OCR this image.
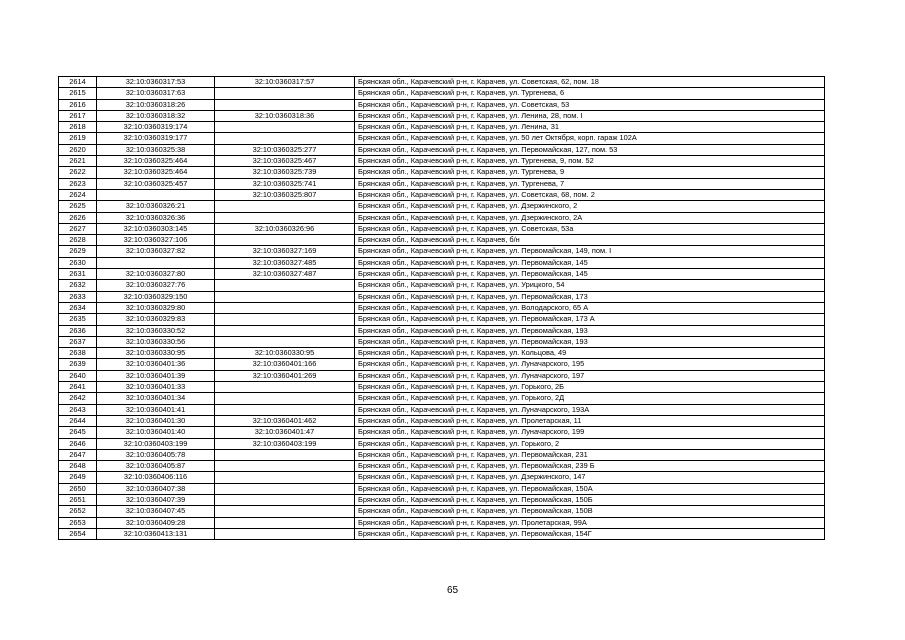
2614	32:10:0360317:53	32:10:0360317:57	Брянская обл., Карачевский р-н, г. Карачев, ул. Советская, 62, пом. 18
2615	32:10:0360317:63		Брянская обл., Карачевский р-н, г. Карачев, ул. Тургенева, 6
2616	32:10:0360318:26		Брянская обл., Карачевский р-н, г. Карачев, ул. Советская, 53
2617	32:10:0360318:32	32:10:0360318:36	Брянская обл., Карачевский р-н, г. Карачев, ул. Ленина, 28, пом. I
2618	32:10:0360319:174		Брянская обл., Карачевский р-н, г. Карачев, ул. Ленина, 31
2619	32:10:0360319:177		Брянская обл., Карачевский р-н, г. Карачев, ул. 50 лет Октября, корп. гараж 102А
2620	32:10:0360325:38	32:10:0360325:277	Брянская обл., Карачевский р-н, г. Карачев, ул. Первомайская, 127, пом. 53
2621	32:10:0360325:464	32:10:0360325:467	Брянская обл., Карачевский р-н, г. Карачев, ул. Тургенева, 9, пом. 52
2622	32:10:0360325:464	32:10:0360325:739	Брянская обл., Карачевский р-н, г. Карачев, ул. Тургенева, 9
2623	32:10:0360325:457	32:10:0360325:741	Брянская обл., Карачевский р-н, г. Карачев, ул. Тургенева, 7
2624		32:10:0360325:807	Брянская обл., Карачевский р-н, г. Карачев, ул. Советская, 68, пом. 2
2625	32:10:0360326:21		Брянская обл., Карачевский р-н, г. Карачев, ул. Дзержинского, 2
2626	32:10:0360326:36		Брянская обл., Карачевский р-н, г. Карачев, ул. Дзержинского, 2А
2627	32:10:0360303:145	32:10:0360326:96	Брянская обл., Карачевский р-н, г. Карачев, ул. Советская, 53а
2628	32:10:0360327:106		Брянская обл., Карачевский р-н, г. Карачев, б/н
2629	32:10:0360327:82	32:10:0360327:169	Брянская обл., Карачевский р-н, г. Карачев, ул. Первомайская, 149, пом. I
2630		32:10:0360327:485	Брянская обл., Карачевский р-н, г. Карачев, ул. Первомайская, 145
2631	32:10:0360327:80	32:10:0360327:487	Брянская обл., Карачевский р-н, г. Карачев, ул. Первомайская, 145
2632	32:10:0360327:76		Брянская обл., Карачевский р-н, г. Карачев, ул. Урицкого, 54
2633	32:10:0360329:150		Брянская обл., Карачевский р-н, г. Карачев, ул. Первомайская, 173
2634	32:10:0360329:80		Брянская обл., Карачевский р-н, г. Карачев, ул. Володарского, 65 А
2635	32:10:0360329:83		Брянская обл., Карачевский р-н, г. Карачев, ул. Первомайская, 173 А
2636	32:10:0360330:52		Брянская обл., Карачевский р-н, г. Карачев, ул. Первомайская, 193
2637	32:10:0360330:56		Брянская обл., Карачевский р-н, г. Карачев, ул. Первомайская, 193
2638	32:10:0360330:95	32:10:0360330:95	Брянская обл., Карачевский р-н, г. Карачев, ул. Кольцова, 49
2639	32:10:0360401:36	32:10:0360401:166	Брянская обл., Карачевский р-н, г. Карачев, ул. Луначарского, 195
2640	32:10:0360401:39	32:10:0360401:269	Брянская обл., Карачевский р-н, г. Карачев, ул. Луначарского, 197
2641	32:10:0360401:33		Брянская обл., Карачевский р-н, г. Карачев, ул. Горького, 2Б
2642	32:10:0360401:34		Брянская обл., Карачевский р-н, г. Карачев, ул. Горького, 2Д
2643	32:10:0360401:41		Брянская обл., Карачевский р-н, г. Карачев, ул. Луначарского, 193А
2644	32:10:0360401:30	32:10:0360401:462	Брянская обл., Карачевский р-н, г. Карачев, ул. Пролетарская, 11
2645	32:10:0360401:40	32:10:0360401:47	Брянская обл., Карачевский р-н, г. Карачев, ул. Луначарского, 199
2646	32:10:0360403:199	32:10:0360403:199	Брянская обл., Карачевский р-н, г. Карачев, ул. Горького, 2
2647	32:10:0360405:78		Брянская обл., Карачевский р-н, г. Карачев, ул. Первомайская, 231
2648	32:10:0360405:87		Брянская обл., Карачевский р-н, г. Карачев, ул. Первомайская, 239 Б
2649	32:10:0360406:116		Брянская обл., Карачевский р-н, г. Карачев, ул. Дзержинского, 147
2650	32:10:0360407:38		Брянская обл., Карачевский р-н, г. Карачев, ул. Первомайская, 150А
2651	32:10:0360407:39		Брянская обл., Карачевский р-н, г. Карачев, ул. Первомайская, 150Б
2652	32:10:0360407:45		Брянская обл., Карачевский р-н, г. Карачев, ул. Первомайская, 150В
2653	32:10:0360409:28		Брянская обл., Карачевский р-н, г. Карачев, ул. Пролетарская, 99А
2654	32:10:0360413:131		Брянская обл., Карачевский р-н, г. Карачев, ул. Первомайская, 154Г
65
